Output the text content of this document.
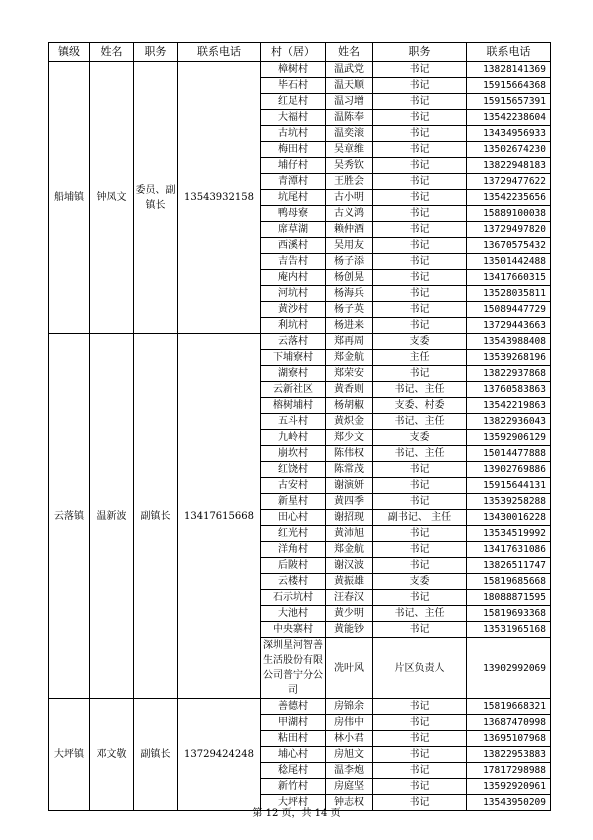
镇级	姓名	职务	联系电话	村（居）	姓名	职务	联系电话
船埔镇	钟凤文	委员、副镇长	13543932158	樟树村	温武党	书记	13828141369
				毕石村	温天顺	书记	15915664368
				红足村	温习增	书记	15915657391
				大福村	温陈奉	书记	13542238604
				古坑村	温奕滚	书记	13434956933
				梅田村	吴章维	书记	13502674230
				埔仔村	吴秀钦	书记	13822948183
				青潭村	王胜会	书记	13729477622
				坑尾村	古小明	书记	13542235656
				鸭母寮	古义鸿	书记	15889100038
				席草湖	赖仲酒	书记	13729497820
				西溪村	吴用友	书记	13670575432
				吉告村	杨子添	书记	13501442488
				庵内村	杨创晃	书记	13417660315
				河坑村	杨海兵	书记	13528035811
				黄沙村	杨子英	书记	15089447729
				利坑村	杨进来	书记	13729443663
云落镇	温新波	副镇长	13417615668	云落村	郑再周	支委	13543988408
				下埔寮村	郑金航	主任	13539268196
				湖寮村	郑荣安	书记	13822937868
				云新社区	黄香则	书记、主任	13760583863
				榕树埔村	杨胡椒	支委、村委	13542219863
				五斗村	黄炽金	书记、主任	13822936043
				九岭村	郑少文	支委	13592906129
				崩坎村	陈伟权	书记、主任	15014477888
				红饶村	陈常茂	书记	13902769886
				古安村	谢演妍	书记	15915644131
				新星村	黄四季	书记	13539258288
				田心村	谢招现	副书记、 主任	13430016228
				红光村	黄沛旭	书记	13534519992
				洋角村	郑金航	书记	13417631086
				后陂村	谢汉波	书记	13826511747
				云楼村	黄振雄	支委	15819685668
				石示坑村	汪春汉	书记	18088871595
				大池村	黄少明	书记、主任	15819693368
				中央寨村	黄能钞	书记	13531965168
				深圳星河智善生活股份有限公司普宁分公司	冼叶风	片区负责人	13902992069
大坪镇	邓文敬	副镇长	13729424248	善德村	房锦余	书记	15819668321
				甲湖村	房伟中	书记	13687470998
				粘田村	林小君	书记	13695107968
				埔心村	房旭文	书记	13822953883
				稔尾村	温李炮	书记	17817298988
				新竹村	房庭坚	书记	13592920961
				大坪村	钟志权	书记	13543950209
第 12 页，共 14 页
